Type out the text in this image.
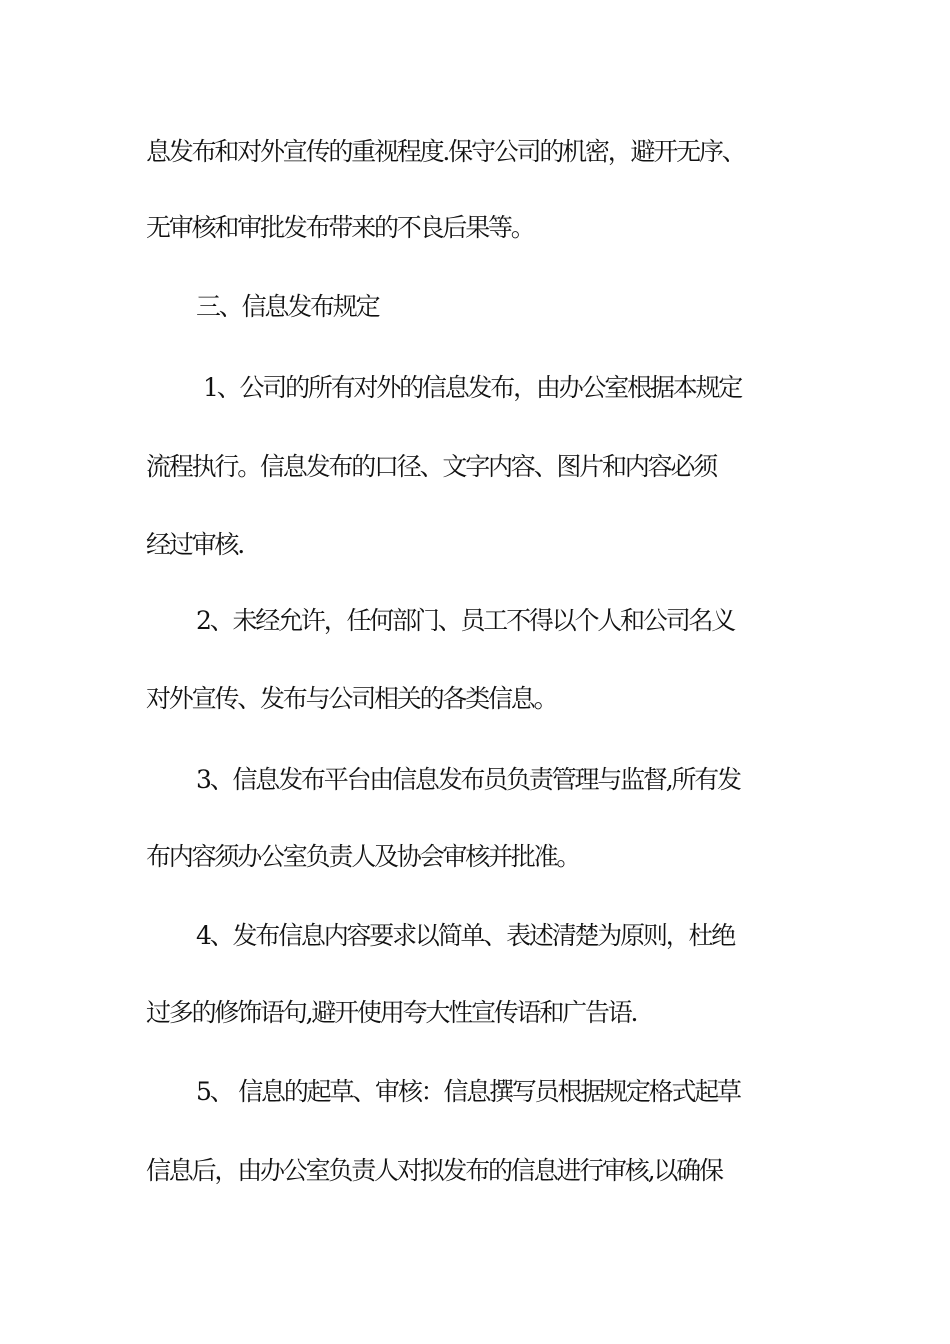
息发布和对外宣传的重视程度.保守公司的机密，避开无序、
无审核和审批发布带来的不良后果等。
三、信息发布规定
1、公司的所有对外的信息发布，由办公室根据本规定
流程执行。信息发布的口径、文字内容、图片和内容必须
经过审核.
2、未经允许，任何部门、员工不得以个人和公司名义
对外宣传、发布与公司相关的各类信息。
3、信息发布平台由信息发布员负责管理与监督,所有发
布内容须办公室负责人及协会审核并批准。
4、发布信息内容要求以简单、表述清楚为原则，杜绝
过多的修饰语句,避开使用夸大性宣传语和广告语.
5、 信息的起草、审核：信息撰写员根据规定格式起草
信息后，由办公室负责人对拟发布的信息进行审核,以确保
